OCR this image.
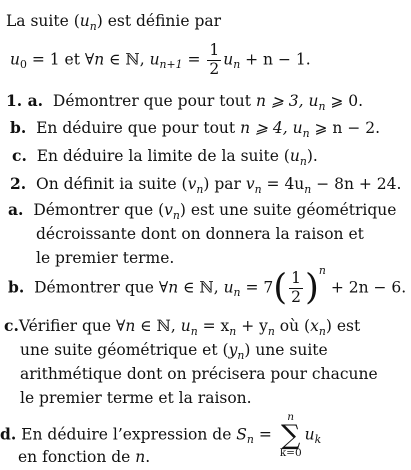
La suite $(u_n)$ est définie par
$u_0 = 1$ et ∀n ∈ ℕ, $u_{n+1} = \frac{1}{2} u_n + n - 1$.
1. a. Démontrer que pour tout n ⩾ 3, $u_n$ ⩾ 0.
b. En déduire que pour tout n ⩾ 4, $u_n$ ⩾ n − 2.
c. En déduire la limite de la suite $(u_n)$.
2. On définit ia suite $(v_n)$ par $v_n = 4u_n - 8n + 24$.
a. Démontrer que $(v_n)$ est une suite géométrique
décroissante dont on donnera la raison et
le premier terme.
b. Démontrer que ∀n ∈ ℕ, $u_n = 7( \frac{1}{2} )^n + 2n - 6$.
c.Vérifier que ∀n ∈ ℕ, $u_n = x_n + y_n$ où $(x_n)$ est
une suite géométrique et $(y_n)$ une suite
arithmétique dont on précisera pour chacune
le premier terme et la raison.
d. En déduire l’expression de $S_n$ =
n
∑
k=0
$u_k$
en fonction de n.
